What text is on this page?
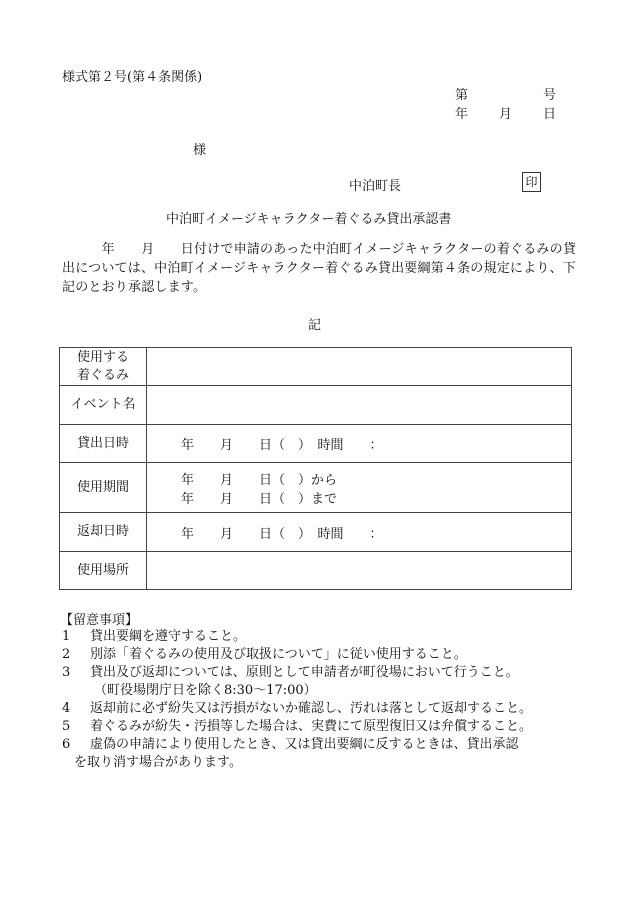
様式第２号(第４条関係)
第	号
年 月 日
様
中泊町長	印
中泊町イメージキャラクター着ぐるみ貸出承認書
　　　年　　月　　日付けで申請のあった中泊町イメージキャラクターの着ぐるみの貸出については、中泊町イメージキャラクター着ぐるみ貸出要綱第４条の規定により、下記のとおり承認します。
記
使用する
着ぐるみ	

イベント名	
貸出日時	年　　月　　日（　）　時間　　：
使用期間	年　　月　　日（　）から
年　　月　　日（　）まで

返却日時	年　　月　　日（　）　時間　　：
使用場所	
【留意事項】
1 貸出要綱を遵守すること。
2 別添「着ぐるみの使用及び取扱について」に従い使用すること。
3 貸出及び返却については、原則として申請者が町役場において行うこと。
（町役場閉庁日を除く8:30～17:00）
4 返却前に必ず紛失又は汚損がないか確認し、汚れは落として返却すること。
5 着ぐるみが紛失・汚損等した場合は、実費にて原型復旧又は弁償すること。
6 虚偽の申請により使用したとき、又は貸出要綱に反するときは、貸出承認
を取り消す場合があります。
